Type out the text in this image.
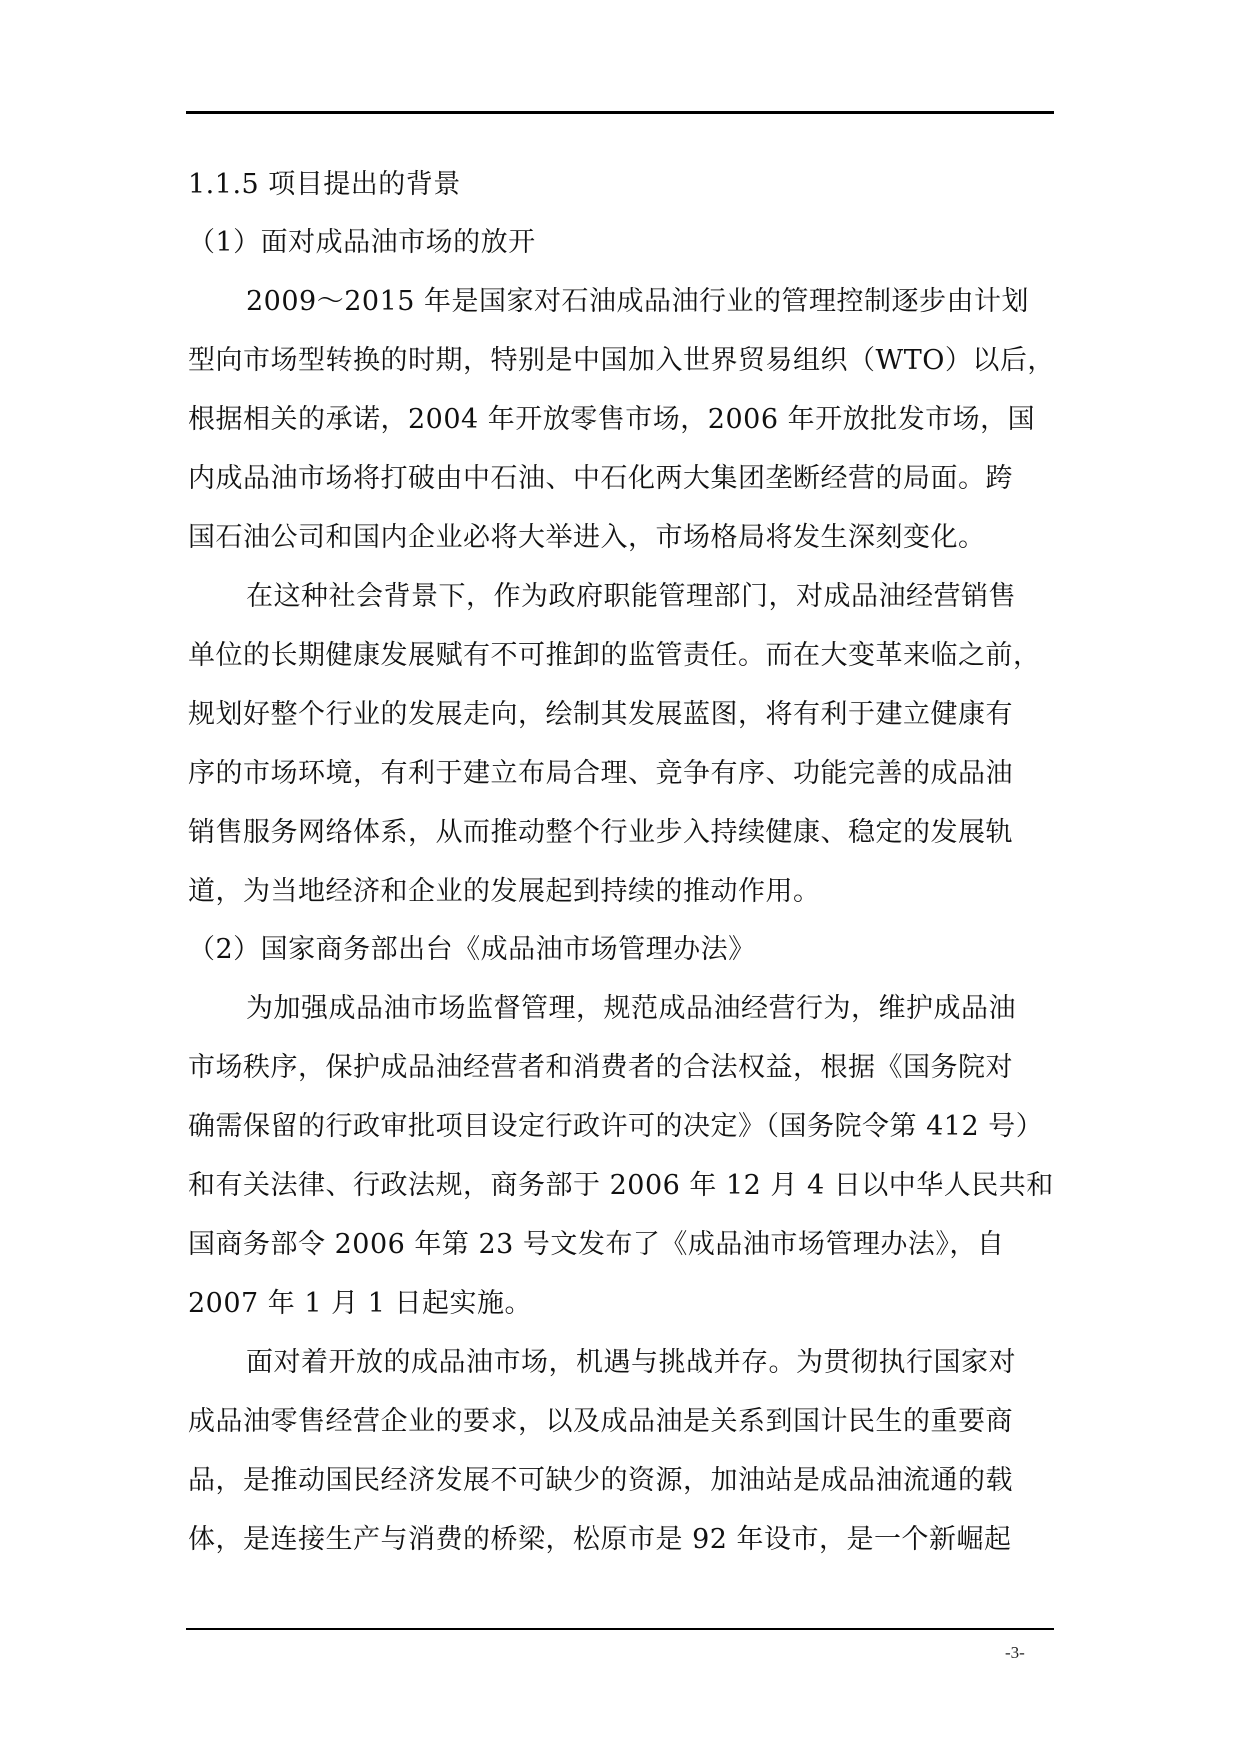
1.1.5 项目提出的背景
（1）面对成品油市场的放开
2009～2015 年是国家对石油成品油行业的管理控制逐步由计划
型向市场型转换的时期，特别是中国加入世界贸易组织（WTO）以后，
根据相关的承诺，2004 年开放零售市场，2006 年开放批发市场，国
内成品油市场将打破由中石油、中石化两大集团垄断经营的局面。跨
国石油公司和国内企业必将大举进入，市场格局将发生深刻变化。
在这种社会背景下，作为政府职能管理部门，对成品油经营销售
单位的长期健康发展赋有不可推卸的监管责任。而在大变革来临之前，
规划好整个行业的发展走向，绘制其发展蓝图，将有利于建立健康有
序的市场环境，有利于建立布局合理、竞争有序、功能完善的成品油
销售服务网络体系，从而推动整个行业步入持续健康、稳定的发展轨
道，为当地经济和企业的发展起到持续的推动作用。
（2）国家商务部出台《成品油市场管理办法》
为加强成品油市场监督管理，规范成品油经营行为，维护成品油
市场秩序，保护成品油经营者和消费者的合法权益，根据《国务院对
确需保留的行政审批项目设定行政许可的决定》（国务院令第 412 号）
和有关法律、行政法规，商务部于 2006 年 12 月 4 日以中华人民共和
国商务部令 2006 年第 23 号文发布了《成品油市场管理办法》，自
2007 年 1 月 1 日起实施。
面对着开放的成品油市场，机遇与挑战并存。为贯彻执行国家对
成品油零售经营企业的要求，以及成品油是关系到国计民生的重要商
品，是推动国民经济发展不可缺少的资源，加油站是成品油流通的载
体，是连接生产与消费的桥梁，松原市是 92 年设市，是一个新崛起
-3-
